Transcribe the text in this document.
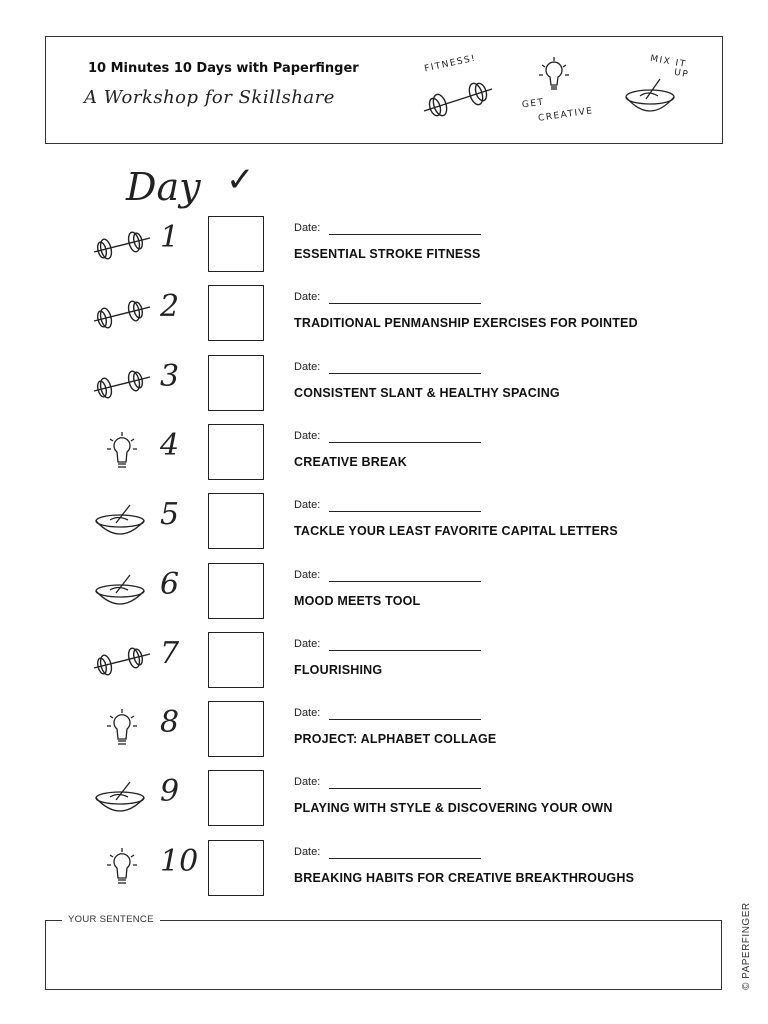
10 Minutes 10 Days with Paperfinger
A Workshop for Skillshare
FITNESS!
GET
CREATIVE
MIX IT
UP
Day ✓
1	Date:
ESSENTIAL STROKE FITNESS
2	Date:
TRADITIONAL PENMANSHIP EXERCISES FOR POINTED
3	Date:
CONSISTENT SLANT & HEALTHY SPACING
4	Date:
CREATIVE BREAK
5	Date:
TACKLE YOUR LEAST FAVORITE CAPITAL LETTERS
6	Date:
MOOD MEETS TOOL
7	Date:
FLOURISHING
8	Date:
PROJECT: ALPHABET COLLAGE
9	Date:
PLAYING WITH STYLE & DISCOVERING YOUR OWN
10	Date:
BREAKING HABITS FOR CREATIVE BREAKTHROUGHS
YOUR SENTENCE	© PAPERFINGER
